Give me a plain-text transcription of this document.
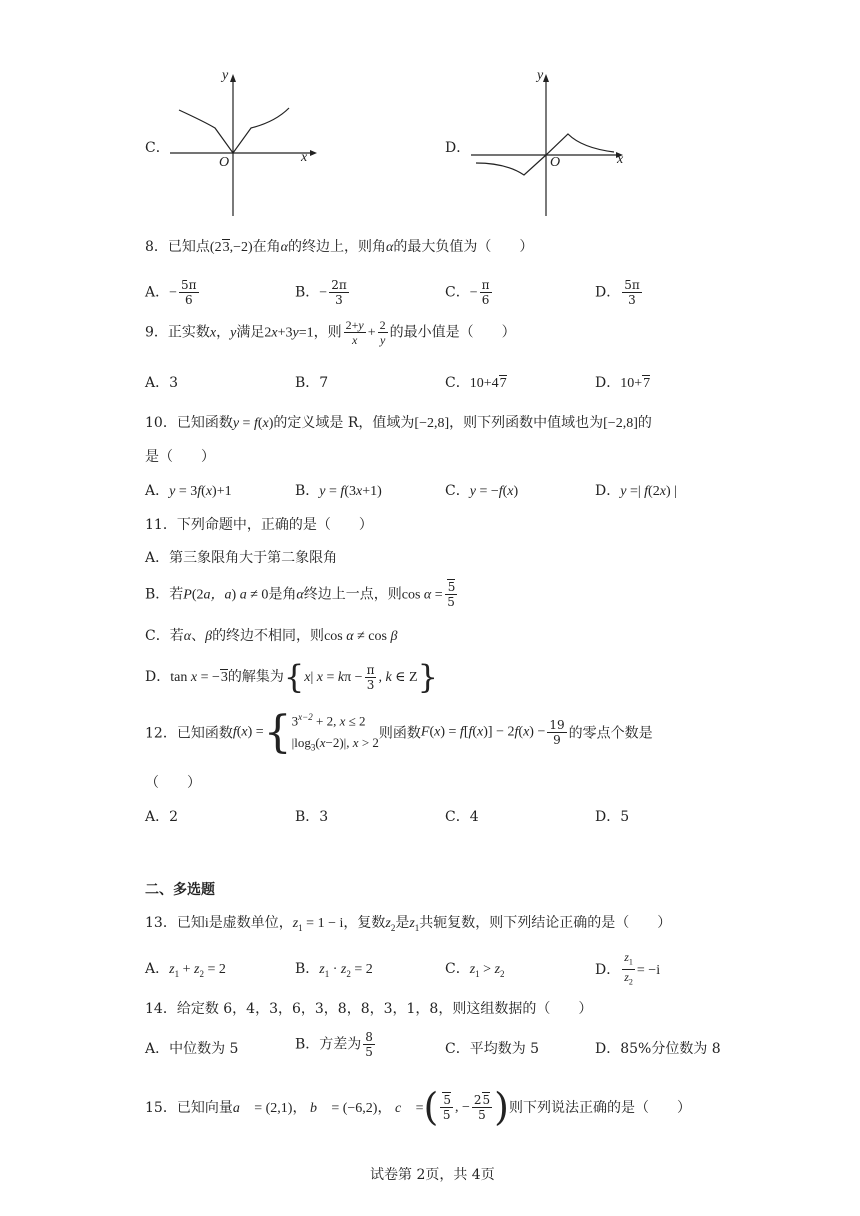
C．
y
x
O
D．
y
x
O
8．已知点(23,−2)在角α的终边上，则角α的最大负值为（　　）
A．− $\frac{5\pi}{6}$	B．− $\frac{2\pi}{3}$	C．− $\frac{\pi}{6}$	D． $\frac{5\pi}{3}$
9．正实数x，y满足2x+3y=1，则 $\frac{2+y}{x} + \frac{2}{y}$ 的最小值是（　　）
A．3	B．7	C．10+47	D．10+7
10．已知函数y = f(x)的定义域是 R，值域为[−2,8]，则下列函数中值域也为[−2,8]的
是（　　）
A．y = 3f(x)+1	B．y = f(3x+1)	C．y = −f(x)	D．y =| f(2x) |
11．下列命题中，正确的是（　　）
A．第三象限角大于第二象限角
B．若P(2a，a) a ≠ 0是角α终边上一点，则$\cos \alpha = \frac{5}{5}$
C．若α、β的终边不相同，则cos α ≠ cos β
D．tan x = −3的解集为{x| $x = k\pi - \frac{\pi}{3}$ , k ∈ Z}
12．已知函数f(x) ={ $3^{x-2} + 2$, x ≤ 2
$|\log_3(x-2)|$, x > 2
则函数$F(x) = f[f(x)] - 2f(x) - \frac{19}{9}$ 的零点个数是
（　　）
A．2	B．3	C．4	D．5
二、多选题
13．已知i是虚数单位，$z_1 = 1 - i$，复数$z_2$是$z_1$共轭复数，则下列结论正确的是（　　）
A．$z_1 + z_2 = 2$	B．$z_1 \cdot z_2 = 2$	C．$z_1 > z_2$	D． $\frac{z_1}{z_2} = -i$
14．给定数 6，4，3，6，3，8，8，3，1，8，则这组数据的（　　）
A．中位数为 5	B．方差为 $\frac{8}{5}$	C．平均数为 5	D．85%分位数为 8
15．已知向量a⃗ = (2,1)， b⃗ = (−6,2)， c⃗ =( $\frac{5}{5}$ , − $\frac{25}{5}$ )则下列说法正确的是（　　）
试卷第 2页，共 4页
